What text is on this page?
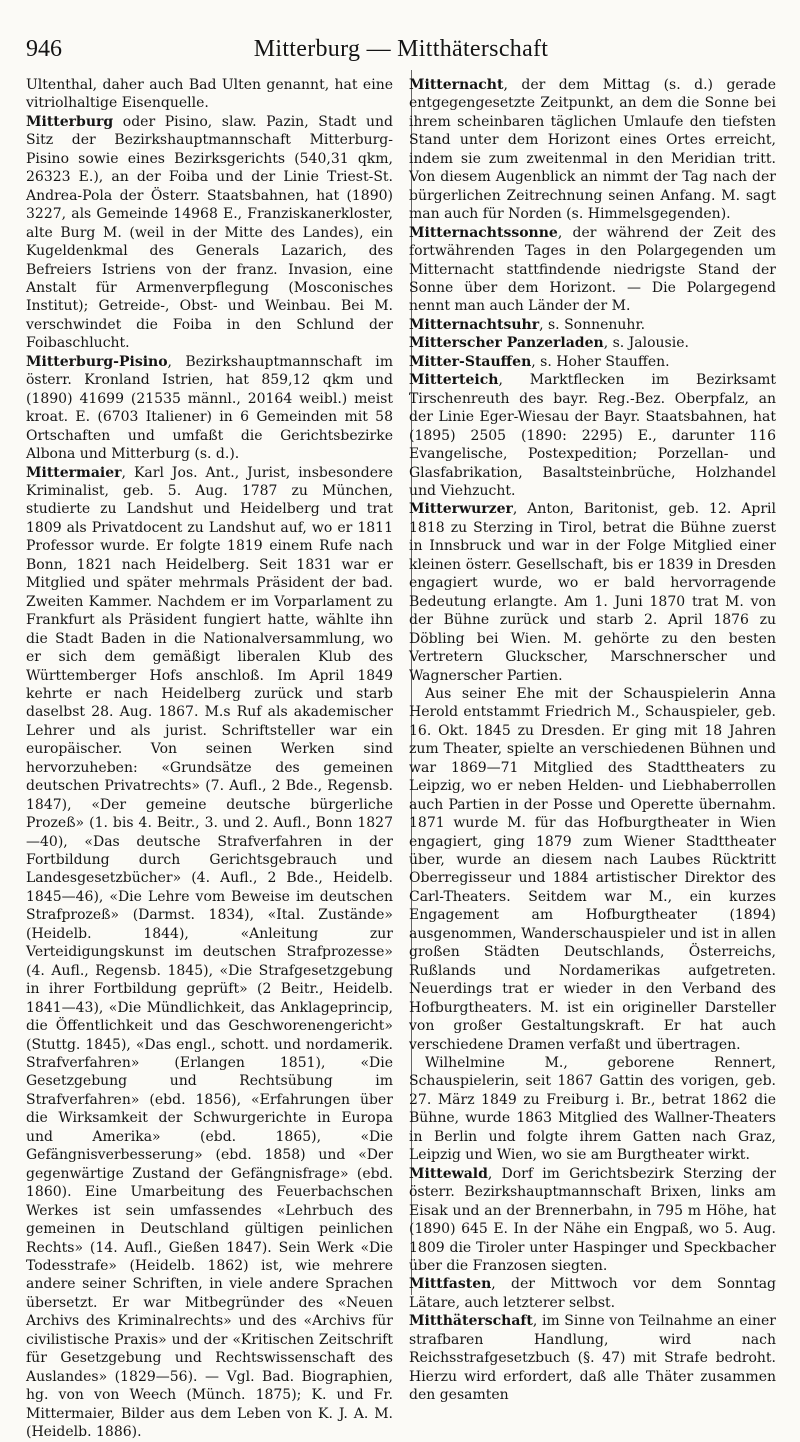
946	Mitterburg — Mitthäterschaft

Ultenthal, daher auch Bad Ulten genannt, hat eine vitriolhaltige Eisenquelle.

Mitterburg oder Pisino, slaw. Pazin, Stadt und Sitz der Bezirkshauptmannschaft Mitterburg-Pisino sowie eines Bezirksgerichts (540,31 qkm, 26323 E.), an der Foiba und der Linie Triest-St. Andrea-Pola der Österr. Staatsbahnen, hat (1890) 3227, als Gemeinde 14968 E., Franziskanerkloster, alte Burg M. (weil in der Mitte des Landes), ein Kugeldenkmal des Generals Lazarich, des Befreiers Istriens von der franz. Invasion, eine Anstalt für Armenverpflegung (Mosconisches Institut); Getreide-, Obst- und Weinbau. Bei M. verschwindet die Foiba in den Schlund der Foibaschlucht.

Mitterburg-Pisino, Bezirkshauptmannschaft im österr. Kronland Istrien, hat 859,12 qkm und (1890) 41699 (21535 männl., 20164 weibl.) meist kroat. E. (6703 Italiener) in 6 Gemeinden mit 58 Ortschaften und umfaßt die Gerichtsbezirke Albona und Mitterburg (s. d.).

Mittermaier, Karl Jos. Ant., Jurist, insbesondere Kriminalist, geb. 5. Aug. 1787 zu München, studierte zu Landshut und Heidelberg und trat 1809 als Privatdocent zu Landshut auf, wo er 1811 Professor wurde. Er folgte 1819 einem Rufe nach Bonn, 1821 nach Heidelberg. Seit 1831 war er Mitglied und später mehrmals Präsident der bad. Zweiten Kammer. Nachdem er im Vorparlament zu Frankfurt als Präsident fungiert hatte, wählte ihn die Stadt Baden in die Nationalversammlung, wo er sich dem gemäßigt liberalen Klub des Württemberger Hofs anschloß. Im April 1849 kehrte er nach Heidelberg zurück und starb daselbst 28. Aug. 1867. M.s Ruf als akademischer Lehrer und als jurist. Schriftsteller war ein europäischer. Von seinen Werken sind hervorzuheben: «Grundsätze des gemeinen deutschen Privatrechts» (7. Aufl., 2 Bde., Regensb. 1847), «Der gemeine deutsche bürgerliche Prozeß» (1. bis 4. Beitr., 3. und 2. Aufl., Bonn 1827—40), «Das deutsche Strafverfahren in der Fortbildung durch Gerichtsgebrauch und Landesgesetzbücher» (4. Aufl., 2 Bde., Heidelb. 1845—46), «Die Lehre vom Beweise im deutschen Strafprozeß» (Darmst. 1834), «Ital. Zustände» (Heidelb. 1844), «Anleitung zur Verteidigungskunst im deutschen Strafprozesse» (4. Aufl., Regensb. 1845), «Die Strafgesetzgebung in ihrer Fortbildung geprüft» (2 Beitr., Heidelb. 1841—43), «Die Mündlichkeit, das Anklageprincip, die Öffentlichkeit und das Geschworenengericht» (Stuttg. 1845), «Das engl., schott. und nordamerik. Strafverfahren» (Erlangen 1851), «Die Gesetzgebung und Rechtsübung im Strafverfahren» (ebd. 1856), «Erfahrungen über die Wirksamkeit der Schwurgerichte in Europa und Amerika» (ebd. 1865), «Die Gefängnisverbesserung» (ebd. 1858) und «Der gegenwärtige Zustand der Gefängnisfrage» (ebd. 1860). Eine Umarbeitung des Feuerbachschen Werkes ist sein umfassendes «Lehrbuch des gemeinen in Deutschland gültigen peinlichen Rechts» (14. Aufl., Gießen 1847). Sein Werk «Die Todesstrafe» (Heidelb. 1862) ist, wie mehrere andere seiner Schriften, in viele andere Sprachen übersetzt. Er war Mitbegründer des «Neuen Archivs des Kriminalrechts» und des «Archivs für civilistische Praxis» und der «Kritischen Zeitschrift für Gesetzgebung und Rechtswissenschaft des Auslandes» (1829—56). — Vgl. Bad. Biographien, hg. von von Weech (Münch. 1875); K. und Fr. Mittermaier, Bilder aus dem Leben von K. J. A. M. (Heidelb. 1886).

Mitternacht, der dem Mittag (s. d.) gerade entgegengesetzte Zeitpunkt, an dem die Sonne bei ihrem scheinbaren täglichen Umlaufe den tiefsten Stand unter dem Horizont eines Ortes erreicht, indem sie zum zweitenmal in den Meridian tritt. Von diesem Augenblick an nimmt der Tag nach der bürgerlichen Zeitrechnung seinen Anfang. M. sagt man auch für Norden (s. Himmelsgegenden).

Mitternachtssonne, der während der Zeit des fortwährenden Tages in den Polargegenden um Mitternacht stattfindende niedrigste Stand der Sonne über dem Horizont. — Die Polargegend nennt man auch Länder der M.

Mitternachtsuhr, s. Sonnenuhr.

Mitterscher Panzerladen, s. Jalousie.

Mitter-Stauffen, s. Hoher Stauffen.

Mitterteich, Marktflecken im Bezirksamt Tirschenreuth des bayr. Reg.-Bez. Oberpfalz, an der Linie Eger-Wiesau der Bayr. Staatsbahnen, hat (1895) 2505 (1890: 2295) E., darunter 116 Evangelische, Postexpedition; Porzellan- und Glasfabrikation, Basaltsteinbrüche, Holzhandel und Viehzucht.

Mitterwurzer, Anton, Baritonist, geb. 12. April 1818 zu Sterzing in Tirol, betrat die Bühne zuerst in Innsbruck und war in der Folge Mitglied einer kleinen österr. Gesellschaft, bis er 1839 in Dresden engagiert wurde, wo er bald hervorragende Bedeutung erlangte. Am 1. Juni 1870 trat M. von der Bühne zurück und starb 2. April 1876 zu Döbling bei Wien. M. gehörte zu den besten Vertretern Gluckscher, Marschnerscher und Wagnerscher Partien.

Aus seiner Ehe mit der Schauspielerin Anna Herold entstammt Friedrich M., Schauspieler, geb. 16. Okt. 1845 zu Dresden. Er ging mit 18 Jahren zum Theater, spielte an verschiedenen Bühnen und war 1869—71 Mitglied des Stadttheaters zu Leipzig, wo er neben Helden- und Liebhaberrollen auch Partien in der Posse und Operette übernahm. 1871 wurde M. für das Hofburgtheater in Wien engagiert, ging 1879 zum Wiener Stadttheater über, wurde an diesem nach Laubes Rücktritt Oberregisseur und 1884 artistischer Direktor des Carl-Theaters. Seitdem war M., ein kurzes Engagement am Hofburgtheater (1894) ausgenommen, Wanderschauspieler und ist in allen großen Städten Deutschlands, Österreichs, Rußlands und Nordamerikas aufgetreten. Neuerdings trat er wieder in den Verband des Hofburgtheaters. M. ist ein origineller Darsteller von großer Gestaltungskraft. Er hat auch verschiedene Dramen verfaßt und übertragen.

Wilhelmine M., geborene Rennert, Schauspielerin, seit 1867 Gattin des vorigen, geb. 27. März 1849 zu Freiburg i. Br., betrat 1862 die Bühne, wurde 1863 Mitglied des Wallner-Theaters in Berlin und folgte ihrem Gatten nach Graz, Leipzig und Wien, wo sie am Burgtheater wirkt.

Mittewald, Dorf im Gerichtsbezirk Sterzing der österr. Bezirkshauptmannschaft Brixen, links am Eisak und an der Brennerbahn, in 795 m Höhe, hat (1890) 645 E. In der Nähe ein Engpaß, wo 5. Aug. 1809 die Tiroler unter Haspinger und Speckbacher über die Franzosen siegten.

Mittfasten, der Mittwoch vor dem Sonntag Lätare, auch letzterer selbst.

Mitthäterschaft, im Sinne von Teilnahme an einer strafbaren Handlung, wird nach Reichsstrafgesetzbuch (§. 47) mit Strafe bedroht. Hierzu wird erfordert, daß alle Thäter zusammen den gesamten
